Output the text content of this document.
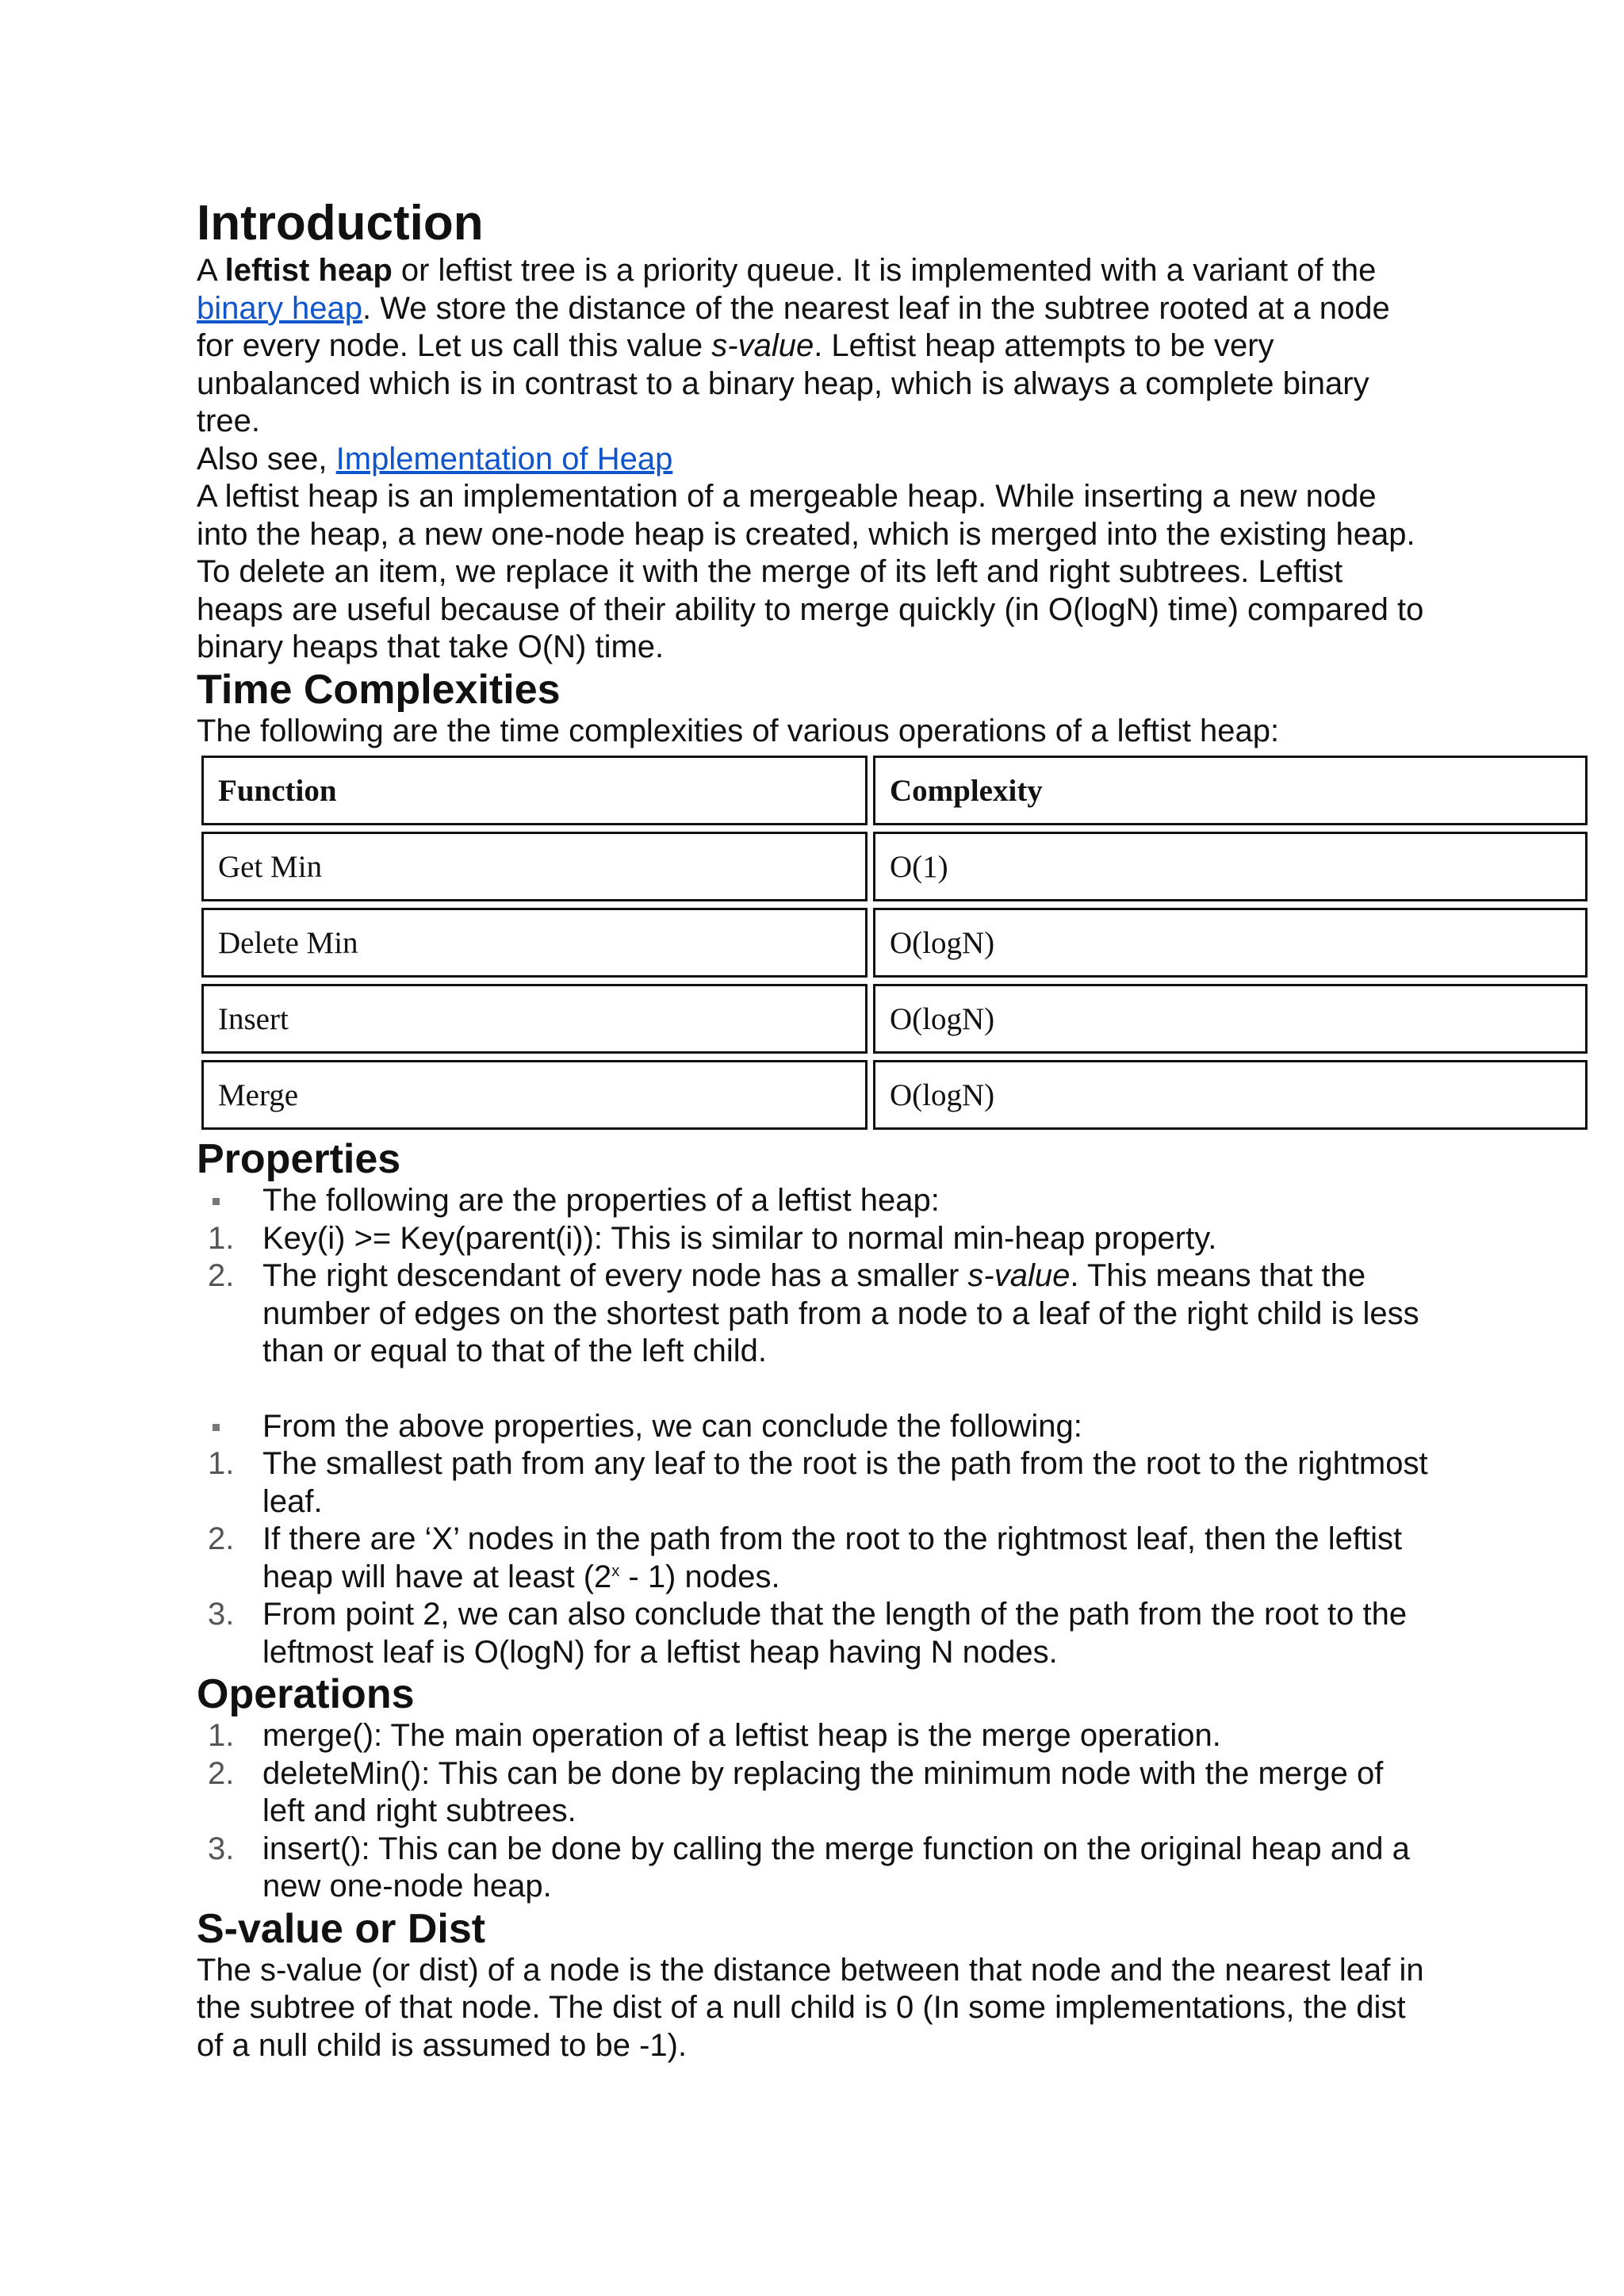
Introduction

A leftist heap or leftist tree is a priority queue. It is implemented with a variant of the binary heap. We store the distance of the nearest leaf in the subtree rooted at a node for every node. Let us call this value s-value. Leftist heap attempts to be very unbalanced which is in contrast to a binary heap, which is always a complete binary tree.

Also see, Implementation of Heap

A leftist heap is an implementation of a mergeable heap. While inserting a new node into the heap, a new one-node heap is created, which is merged into the existing heap. To delete an item, we replace it with the merge of its left and right subtrees. Leftist heaps are useful because of their ability to merge quickly (in O(logN) time) compared to binary heaps that take O(N) time.

Time Complexities

The following are the time complexities of various operations of a leftist heap:

Function	Complexity
Get Min	O(1)
Delete Min	O(logN)
Insert	O(logN)
Merge	O(logN)
Properties
The following are the properties of a leftist heap:
1. Key(i) >= Key(parent(i)): This is similar to normal min-heap property.
2. The right descendant of every node has a smaller s-value. This means that the number of edges on the shortest path from a node to a leaf of the right child is less than or equal to that of the left child.
From the above properties, we can conclude the following:
1. The smallest path from any leaf to the root is the path from the root to the rightmost leaf.
2. If there are ‘X’ nodes in the path from the root to the rightmost leaf, then the leftist heap will have at least (2$^x$ - 1) nodes.
3. From point 2, we can also conclude that the length of the path from the root to the leftmost leaf is O(logN) for a leftist heap having N nodes.
Operations
1. merge(): The main operation of a leftist heap is the merge operation.
2. deleteMin(): This can be done by replacing the minimum node with the merge of left and right subtrees.
3. insert(): This can be done by calling the merge function on the original heap and a new one-node heap.
S-value or Dist

The s-value (or dist) of a node is the distance between that node and the nearest leaf in the subtree of that node. The dist of a null child is 0 (In some implementations, the dist of a null child is assumed to be -1).
